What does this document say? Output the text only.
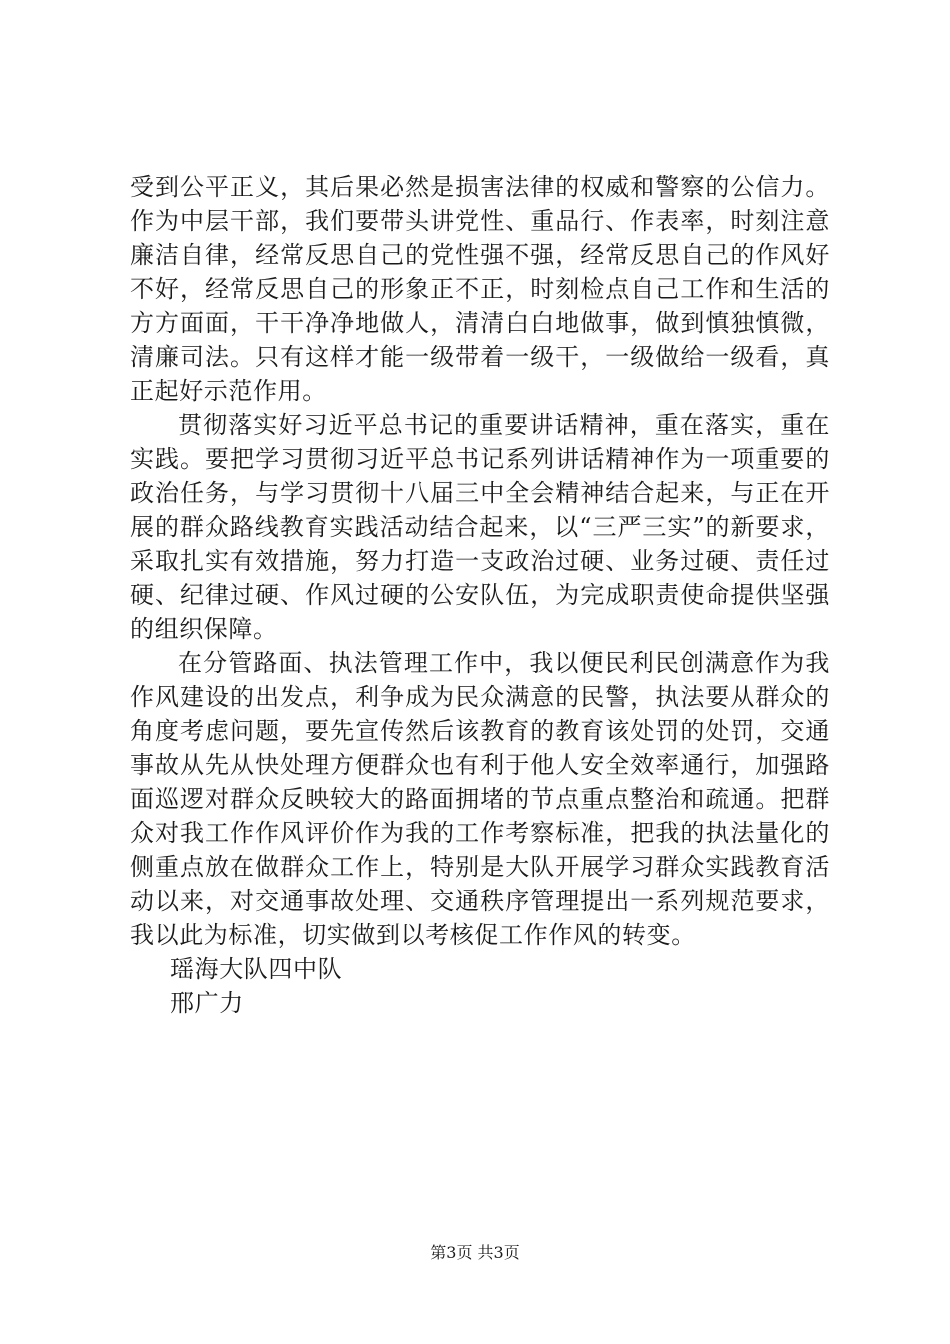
受到公平正义，其后果必然是损害法律的权威和警察的公信力。作为中层干部，我们要带头讲党性、重品行、作表率，时刻注意廉洁自律，经常反思自己的党性强不强，经常反思自己的作风好不好，经常反思自己的形象正不正，时刻检点自己工作和生活的方方面面，干干净净地做人，清清白白地做事，做到慎独慎微，清廉司法。只有这样才能一级带着一级干，一级做给一级看，真正起好示范作用。

贯彻落实好习近平总书记的重要讲话精神，重在落实，重在实践。要把学习贯彻习近平总书记系列讲话精神作为一项重要的政治任务，与学习贯彻十八届三中全会精神结合起来，与正在开展的群众路线教育实践活动结合起来，以“三严三实”的新要求，采取扎实有效措施，努力打造一支政治过硬、业务过硬、责任过硬、纪律过硬、作风过硬的公安队伍，为完成职责使命提供坚强的组织保障。

在分管路面、执法管理工作中，我以便民利民创满意作为我作风建设的出发点，利争成为民众满意的民警，执法要从群众的角度考虑问题，要先宣传然后该教育的教育该处罚的处罚，交通事故从先从快处理方便群众也有利于他人安全效率通行，加强路面巡逻对群众反映较大的路面拥堵的节点重点整治和疏通。把群众对我工作作风评价作为我的工作考察标准，把我的执法量化的侧重点放在做群众工作上，特别是大队开展学习群众实践教育活动以来，对交通事故处理、交通秩序管理提出一系列规范要求，我以此为标准，切实做到以考核促工作作风的转变。

瑶海大队四中队

邢广力

第3页 共3页
